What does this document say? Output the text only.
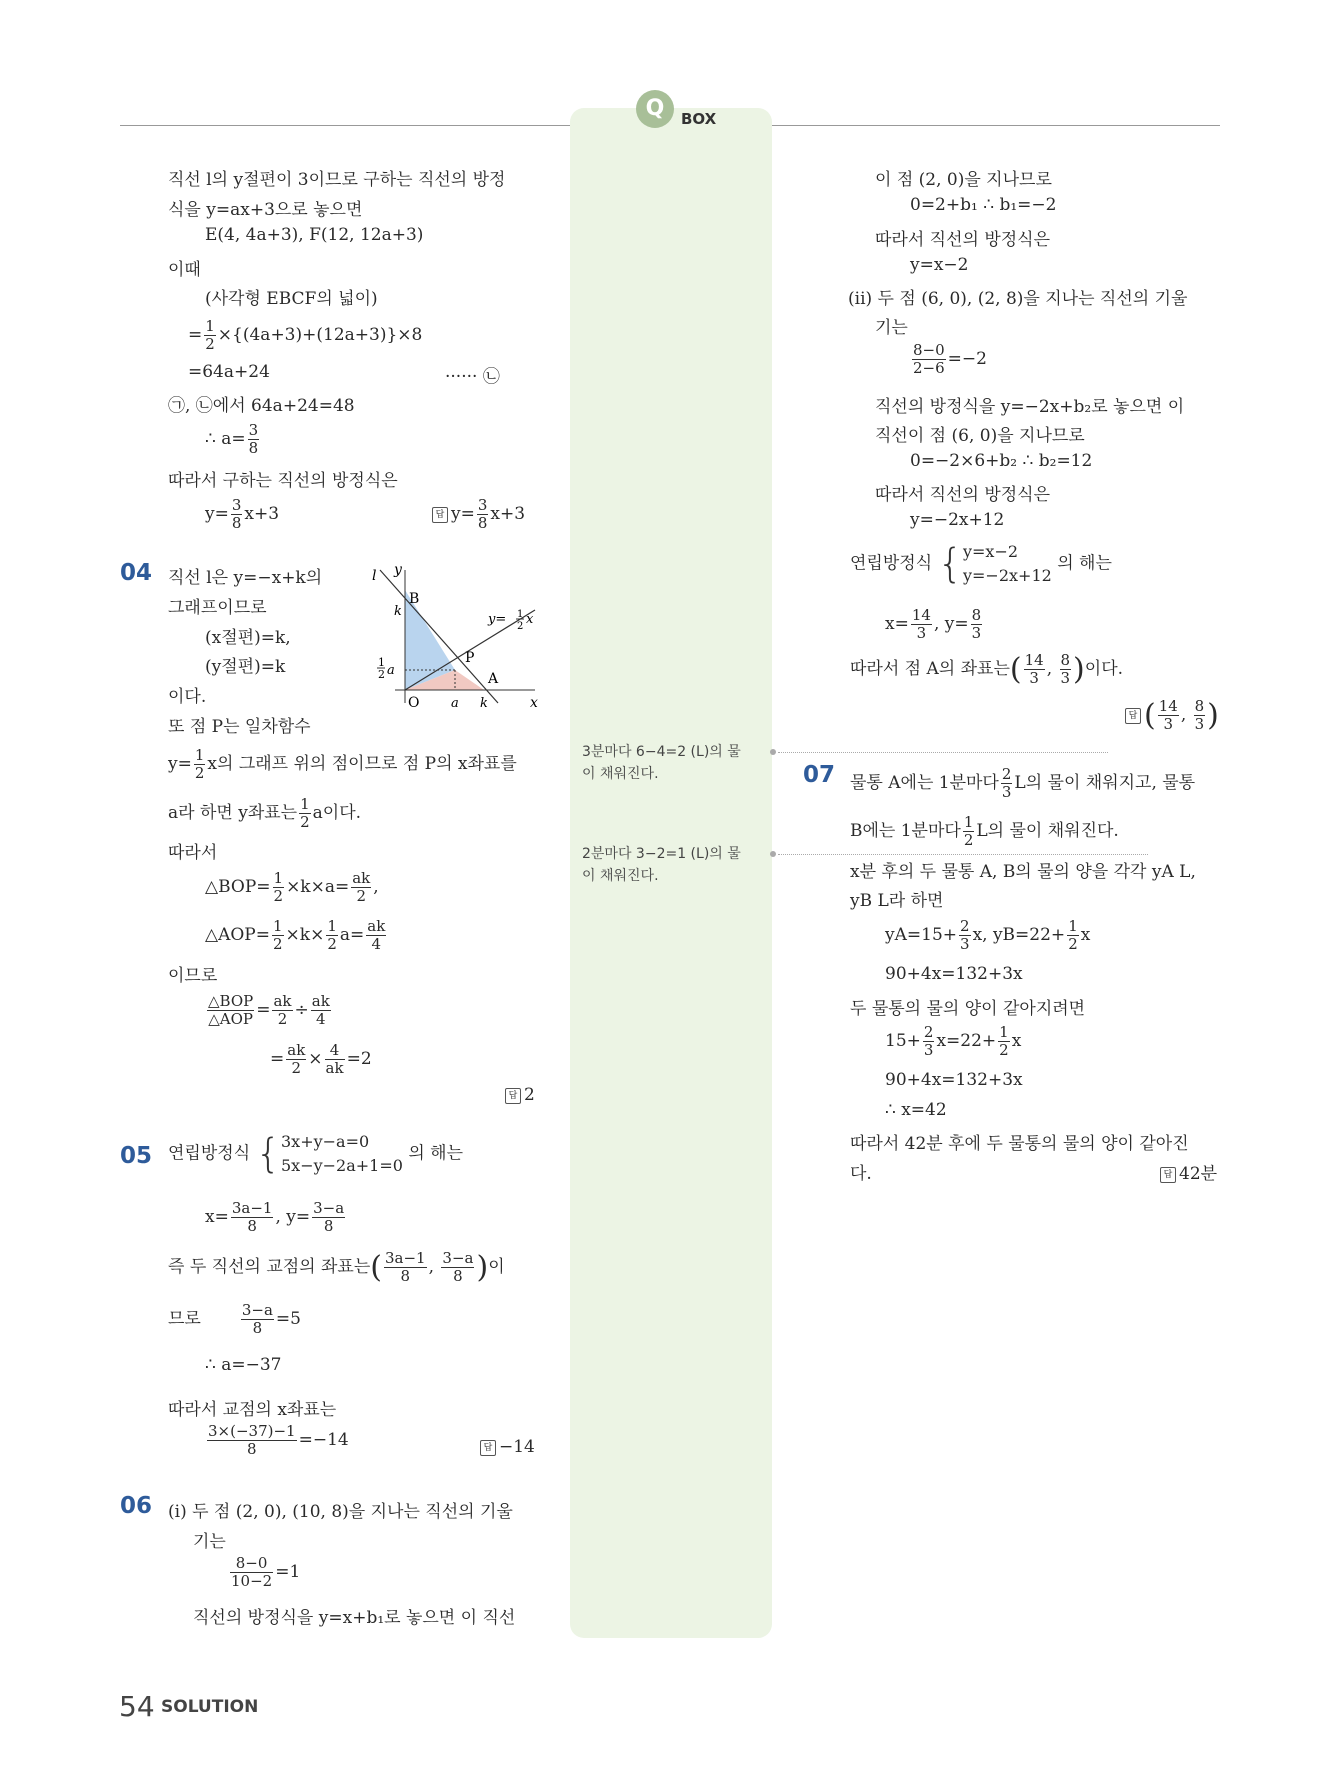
Q	BOX
직선 l의 y절편이 3이므로 구하는 직선의 방정
식을 y=ax+3으로 놓으면
E(4, 4a+3), F(12, 12a+3)
이때
(사각형 EBCF의 넓이)
= $\frac{1}{2} \times\{(4a+3)+(12a+3)\}\times 8$
=64a+24	······ ㉡
㉠, ㉡에서 64a+24=48
∴ $a= \frac{3}{8}$
따라서 구하는 직선의 방정식은
$y= \frac{3}{8} x+3$	답 $y= \frac{3}{8} x+3$
04 직선 l은 y=−x+k의
그래프이므로
(x절편)=k,
(y절편)=k
이다.
또 점 P는 일차함수
l y
B
k
P
A
O a k	x
1
2 a
y= 1
2 x
$y= \frac{1}{2}$ x의 그래프 위의 점이므로 점 P의 x좌표를
a라 하면 y좌표는 $\frac{1}{2}$ a이다.
따라서
△BOP= $\frac{1}{2} \times k\times a= \frac{ak}{2}$ ,
△AOP= $\frac{1}{2} \times k\times \frac{1}{2} a= \frac{ak}{4}$
이므로
$\frac{\text{△BOP}}{\text{△AOP}} = \frac{ak}{2} \div \frac{ak}{4}$
= $\frac{ak}{2} \times \frac{4}{ak} =2$
답 2
05 연립방정식 { 3x+y−a=0
5x−y−2a+1=0
의 해는
$x= \frac{3a-1}{8}$ , $y= \frac{3-a}{8}$
즉 두 직선의 교점의 좌표는( $\frac{3a-1}{8}$ , $\frac{3-a}{8}$ )이
므로	$\frac{3-a}{8} =5$
∴ a=−37
따라서 교점의 x좌표는
$\frac{3\times(-37)-1}{8} =-14$	답 −14
06 (i) 두 점 (2, 0), (10, 8)을 지나는 직선의 기울
기는
$\frac{8-0}{10-2} =1$
직선의 방정식을 y=x+b₁로 놓으면 이 직선
3분마다 6−4=2 (L)의 물
이 채워진다.
2분마다 3−2=1 (L)의 물
이 채워진다.
이 점 (2, 0)을 지나므로
0=2+b₁ ∴ b₁=−2
따라서 직선의 방정식은
y=x−2
(ii) 두 점 (6, 0), (2, 8)을 지나는 직선의 기울
기는
$\frac{8-0}{2-6} =-2$
직선의 방정식을 y=−2x+b₂로 놓으면 이
직선이 점 (6, 0)을 지나므로
0=−2×6+b₂ ∴ b₂=12
따라서 직선의 방정식은
y=−2x+12
연립방정식 { y=x−2
y=−2x+12
의 해는
$x= \frac{14}{3}$ , $y= \frac{8}{3}$
따라서 점 A의 좌표는( $\frac{14}{3}$ , $\frac{8}{3}$ )이다.
답 ( $\frac{14}{3}$ , $\frac{8}{3}$ )
07 물통 A에는 1분마다 $\frac{2}{3}$ L의 물이 채워지고, 물통
B에는 1분마다 $\frac{1}{2}$ L의 물이 채워진다.
x분 후의 두 물통 A, B의 물의 양을 각각 yA L,
yB L라 하면
$yA=15+ \frac{2}{3} x$, $yB=22+ \frac{1}{2}$ x
90+4x=132+3x
두 물통의 물의 양이 같아지려면
$15+ \frac{2}{3} x=22+ \frac{1}{2}$ x
90+4x=132+3x
∴ x=42
따라서 42분 후에 두 물통의 물의 양이 같아진
다.	답 42분
54 SOLUTION
